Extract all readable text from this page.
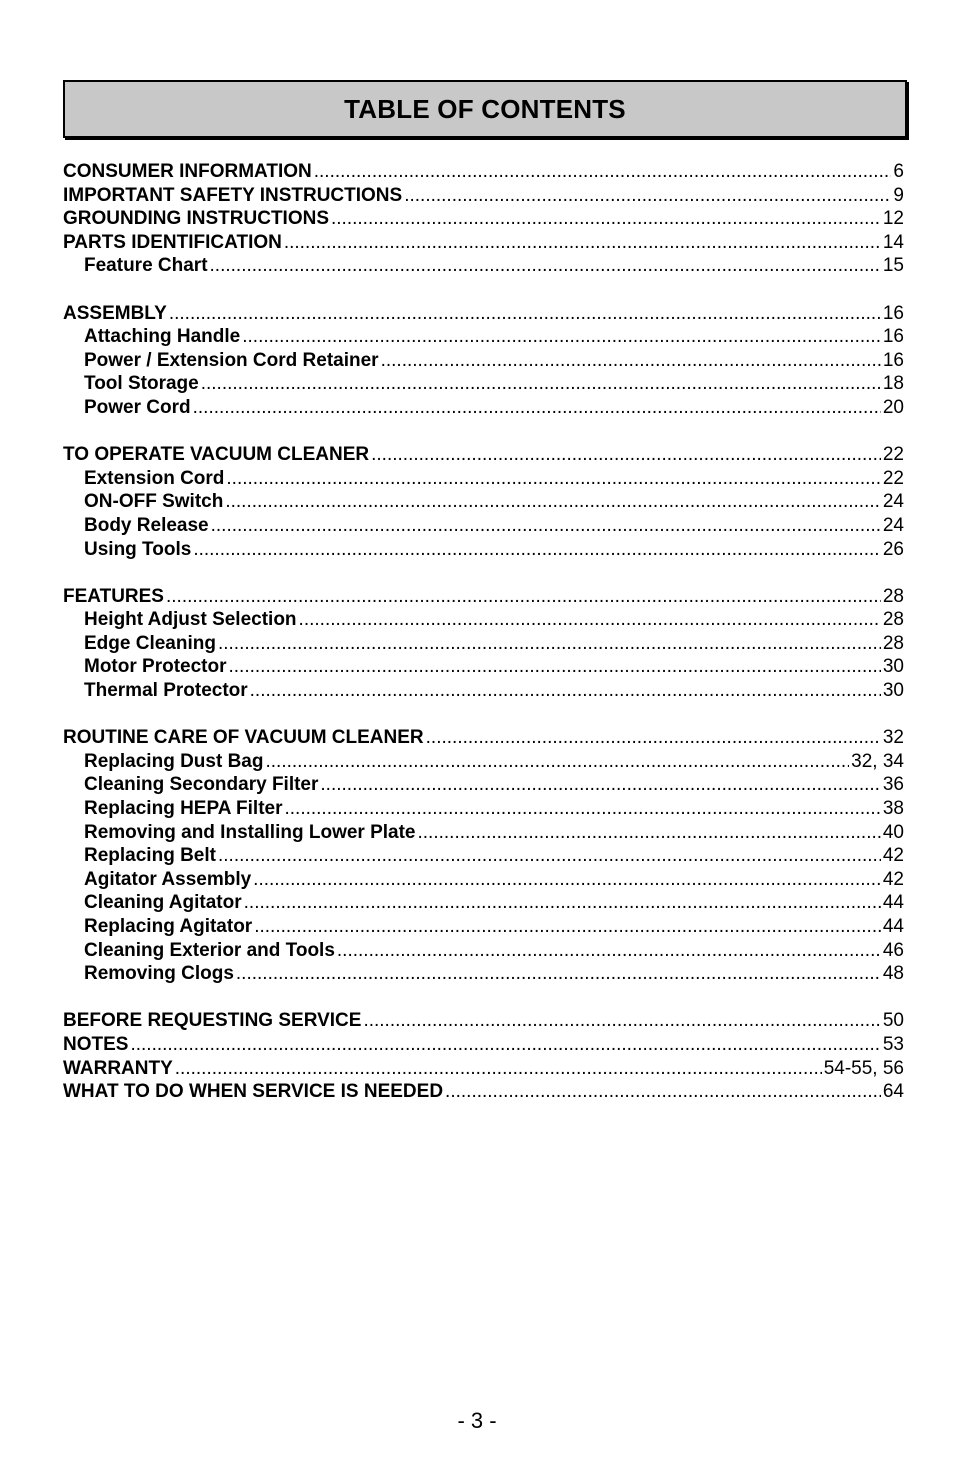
TABLE OF CONTENTS
CONSUMER INFORMATION .....	6
IMPORTANT SAFETY INSTRUCTIONS .....	9
GROUNDING INSTRUCTIONS .....	12
PARTS IDENTIFICATION .....	14
Feature Chart .....	15
ASSEMBLY .....	16
Attaching Handle .....	16
Power / Extension Cord Retainer .....	16
Tool Storage .....	18
Power Cord .....	20
TO OPERATE VACUUM CLEANER .....	22
Extension Cord .....	22
ON-OFF Switch .....	24
Body Release .....	24
Using Tools .....	26
FEATURES .....	28
Height Adjust Selection .....	28
Edge Cleaning .....	28
Motor Protector .....	30
Thermal Protector .....	30
ROUTINE CARE OF VACUUM CLEANER .....	32
Replacing Dust Bag .....	32, 34
Cleaning Secondary Filter .....	36
Replacing HEPA Filter .....	38
Removing and Installing Lower Plate .....	40
Replacing Belt .....	42
Agitator Assembly .....	42
Cleaning Agitator .....	44
Replacing Agitator .....	44
Cleaning Exterior and Tools .....	46
Removing Clogs .....	48
BEFORE REQUESTING SERVICE .....	50
NOTES .....	53
WARRANTY .....	54-55, 56
WHAT TO DO WHEN SERVICE IS NEEDED .....	64
- 3 -
